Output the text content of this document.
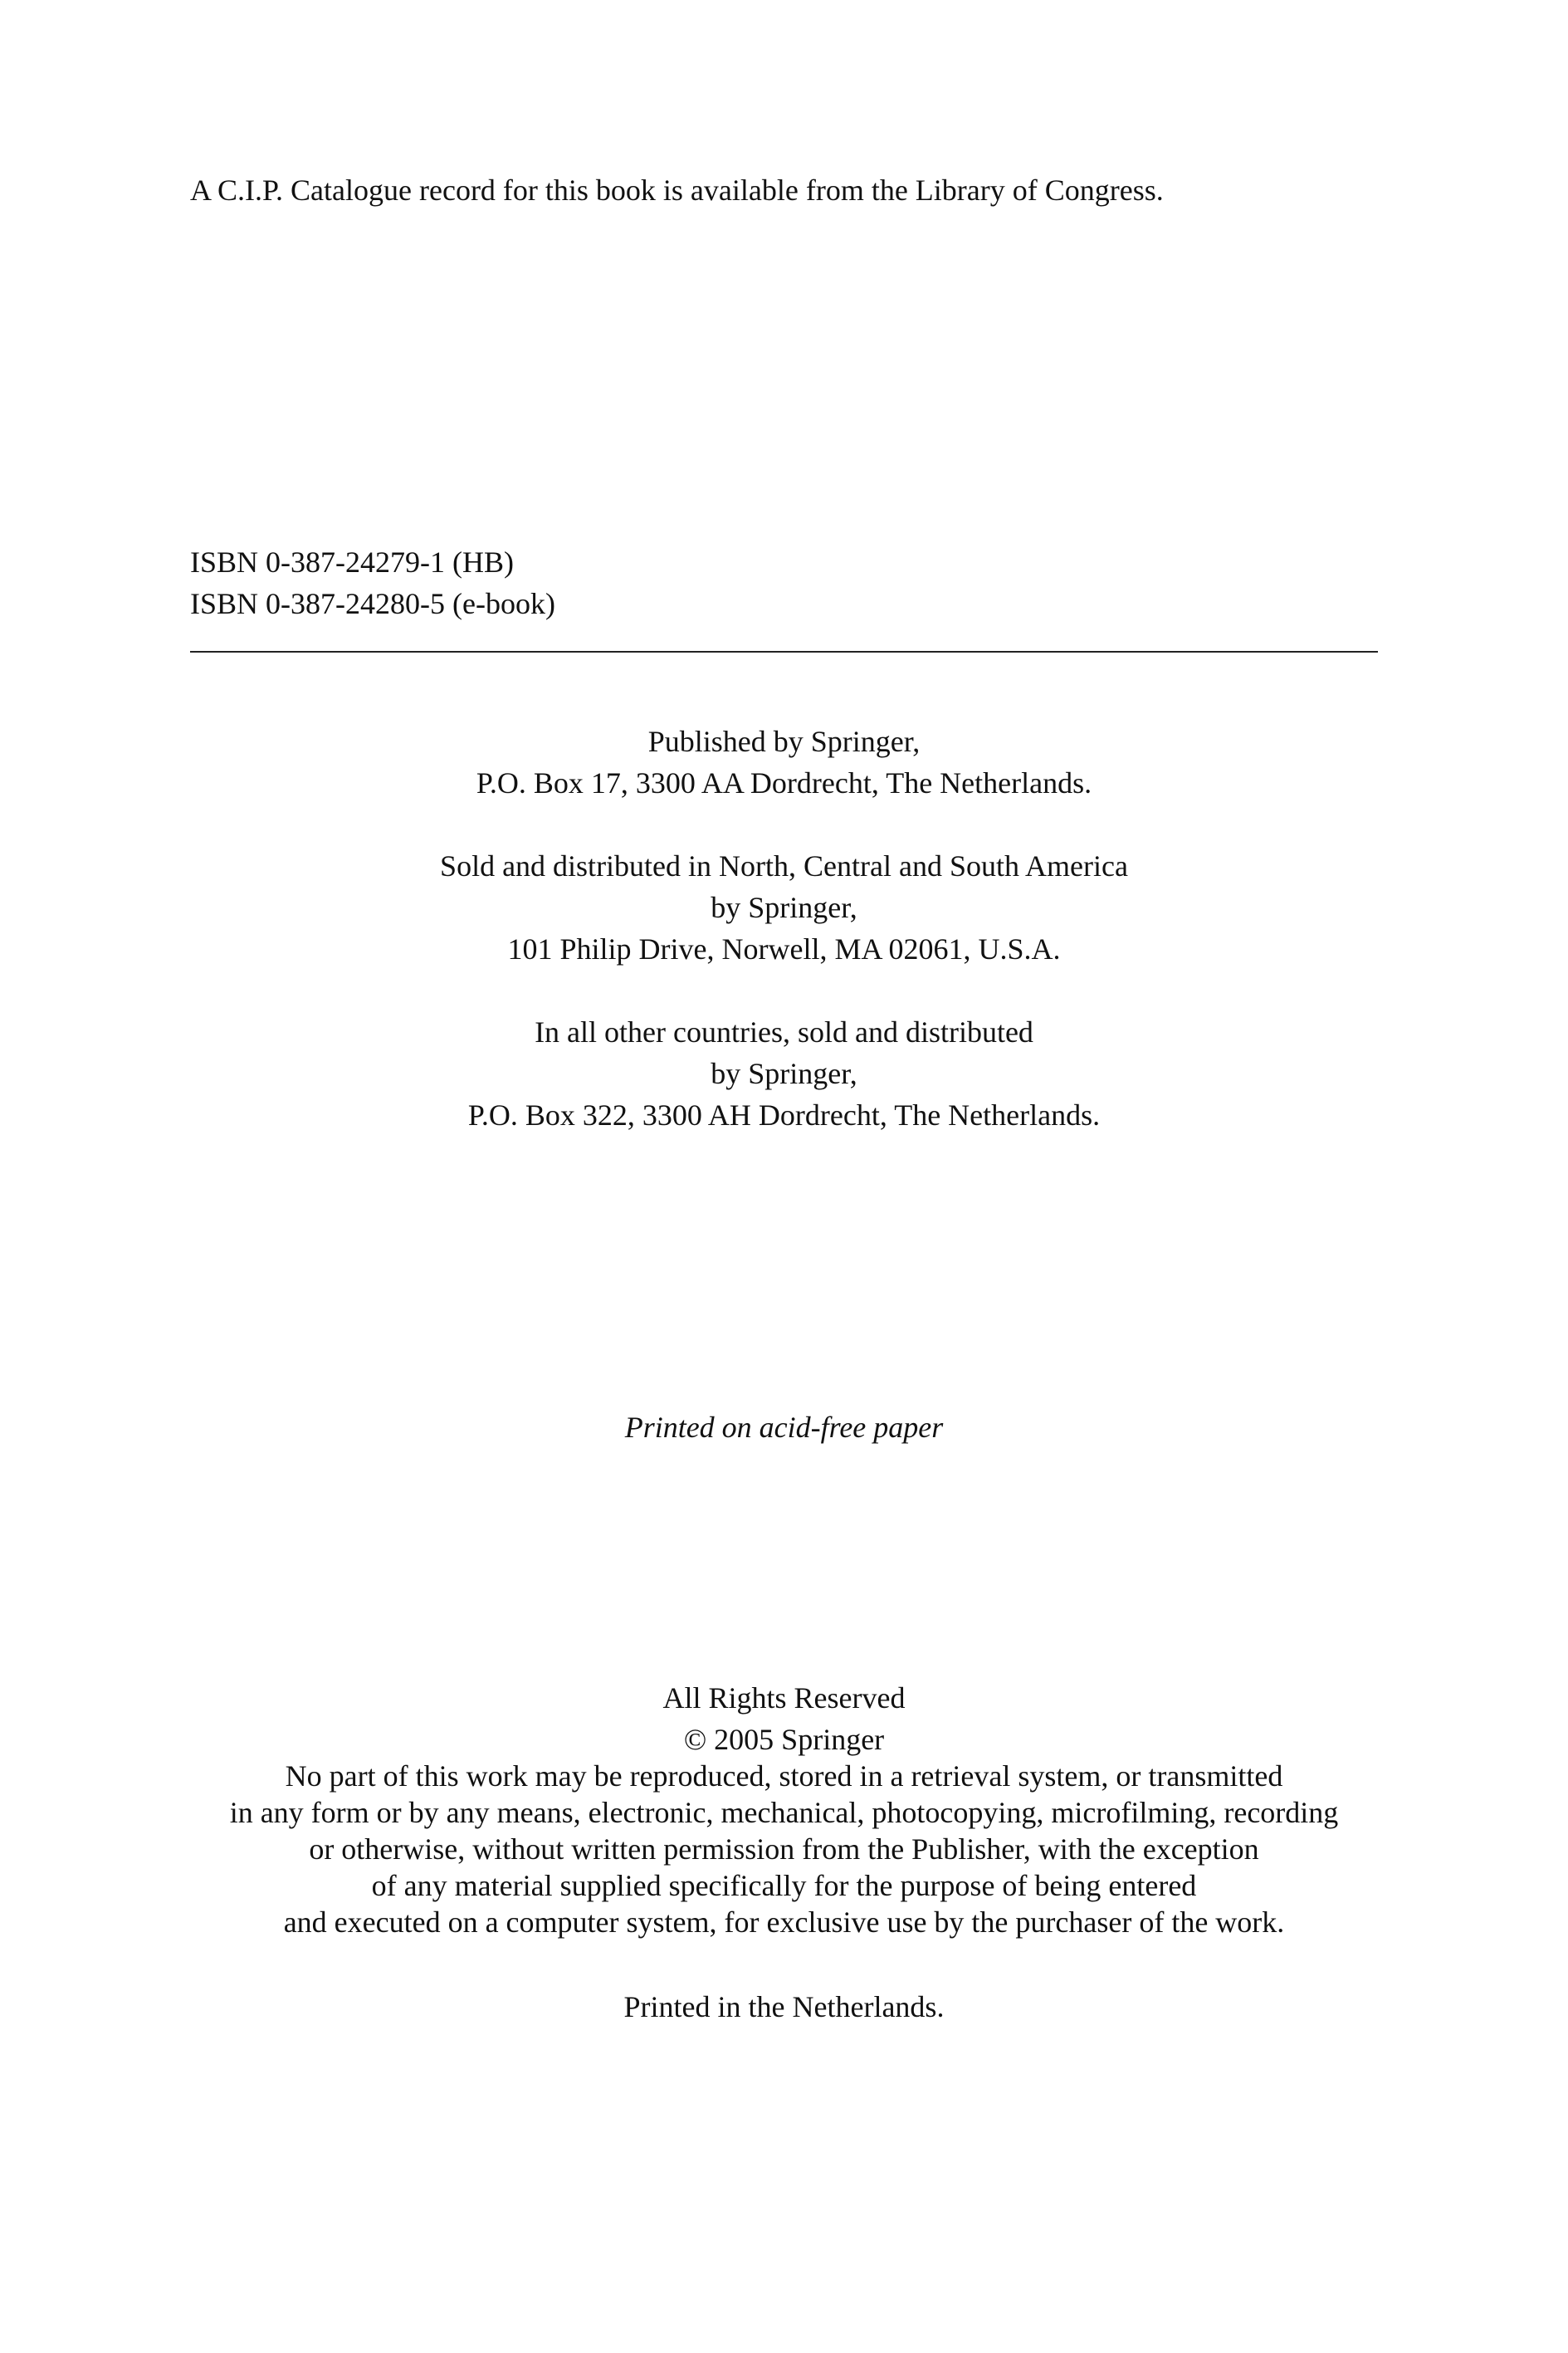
A C.I.P. Catalogue record for this book is available from the Library of Congress.
ISBN 0-387-24279-1 (HB)
ISBN 0-387-24280-5 (e-book)
Published by Springer,
P.O. Box 17, 3300 AA Dordrecht, The Netherlands.
Sold and distributed in North, Central and South America
by Springer,
101 Philip Drive, Norwell, MA 02061, U.S.A.
In all other countries, sold and distributed
by Springer,
P.O. Box 322, 3300 AH Dordrecht, The Netherlands.
Printed on acid-free paper
All Rights Reserved
© 2005 Springer
No part of this work may be reproduced, stored in a retrieval system, or transmitted
in any form or by any means, electronic, mechanical, photocopying, microfilming, recording
or otherwise, without written permission from the Publisher, with the exception
of any material supplied specifically for the purpose of being entered
and executed on a computer system, for exclusive use by the purchaser of the work.
Printed in the Netherlands.
